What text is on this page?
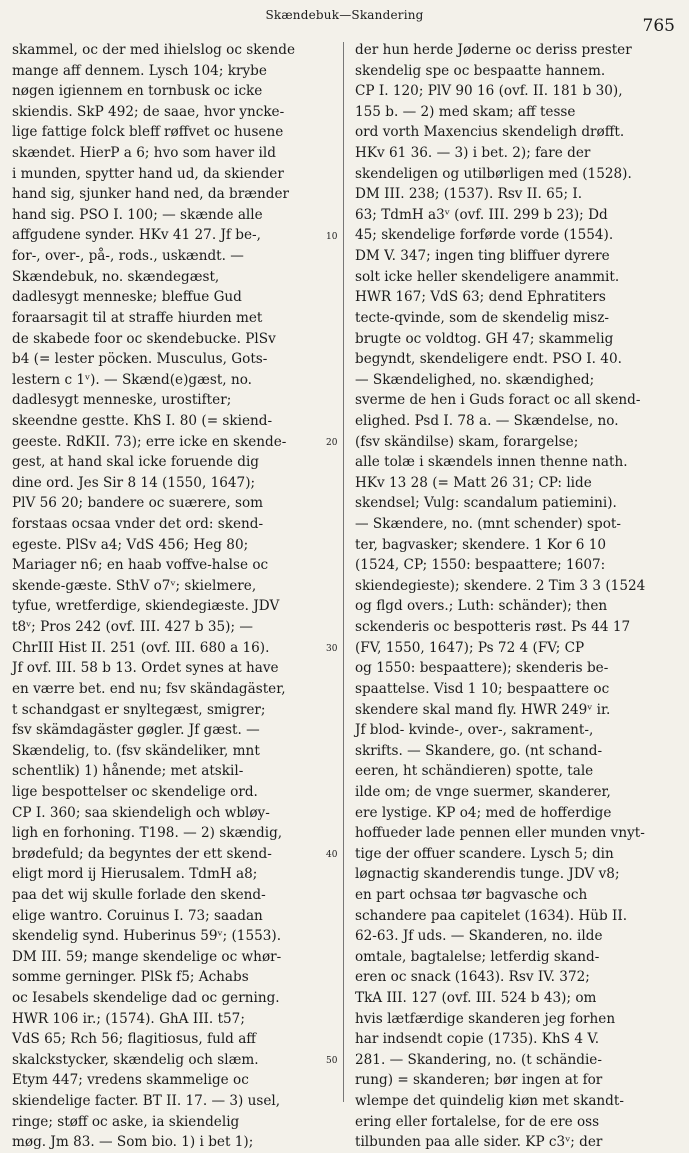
Skændebuk—Skandering
765
skammel, oc der med ihielslog oc skende
mange aff dennem. Lysch 104; krybe
nøgen igiennem en tornbusk oc icke
skiendis. SkP 492; de saae, hvor yncke-
lige fattige folck bleff røffvet oc husene
skændet. HierP a 6; hvo som haver ild
i munden, spytter hand ud, da skiender
hand sig, sjunker hand ned, da brænder
hand sig. PSO I. 100; — skænde alle
affgudene synder. HKv 41 27. Jf be-,
for-, over-, på-, rods., uskændt. —
Skændebuk, no. skændegæst,
dadlesygt menneske; bleffue Gud
foraarsagit til at straffe hiurden met
de skabede foor oc skendebucke. PlSv
b4 (= lester pöcken. Musculus, Gots-
lestern c 1ᵛ). — Skænd(e)gæst, no.
dadlesygt menneske, urostifter;
skeendne gestte. KhS I. 80 (= skiend-
geeste. RdKII. 73); erre icke en skende-
gest, at hand skal icke foruende dig
dine ord. Jes Sir 8 14 (1550, 1647);
PlV 56 20; bandere oc suærere, som
forstaas ocsaa vnder det ord: skend-
egeste. PlSv a4; VdS 456; Heg 80;
Mariager n6; en haab voffve-halse oc
skende-gæste. SthV o7ᵛ; skielmere,
tyfue, wretferdige, skiendegiæste. JDV
t8ᵛ; Pros 242 (ovf. III. 427 b 35); —
ChrIII Hist II. 251 (ovf. III. 680 a 16).
Jf ovf. III. 58 b 13. Ordet synes at have
en værre bet. end nu; fsv skändagäster,
t schandgast er snyltegæst, smigrer;
fsv skämdagäster gøgler. Jf gæst. —
Skændelig, to. (fsv skändeliker, mnt
schentlik) 1) hånende; met atskil-
lige bespottelser oc skendelige ord.
CP I. 360; saa skiendeligh och wbløy-
ligh en forhoning. T198. — 2) skændig,
brødefuld; da begyntes der ett skend-
eligt mord ij Hierusalem. TdmH a8;
paa det wij skulle forlade den skend-
elige wantro. Coruinus I. 73; saadan
skendelig synd. Huberinus 59ᵛ; (1553).
DM III. 59; mange skendelige oc whør-
somme gerninger. PlSk f5; Achabs
oc Iesabels skendelige dad oc gerning.
HWR 106 ir.; (1574). GhA III. t57;
VdS 65; Rch 56; flagitiosus, fuld aff
skalckstycker, skændelig och slæm.
Etym 447; vredens skammelige oc
skiendelige facter. BT II. 17. — 3) usel,
ringe; støff oc aske, ia skiendelig
møg. Jm 83. — Som bio. 1) i bet 1);
10
20
30
40
50
der hun herde Jøderne oc deriss prester
skendelig spe oc bespaatte hannem.
CP I. 120; PlV 90 16 (ovf. II. 181 b 30),
155 b. — 2) med skam; aff tesse
ord vorth Maxencius skendeligh drøfft.
HKv 61 36. — 3) i bet. 2); fare der
skendeligen og utilbørligen med (1528).
DM III. 238; (1537). Rsv II. 65; I.
63; TdmH a3ᵛ (ovf. III. 299 b 23); Dd
45; skendelige forførde vorde (1554).
DM V. 347; ingen ting bliffuer dyrere
solt icke heller skendeligere anammit.
HWR 167; VdS 63; dend Ephratiters
tecte-qvinde, som de skendelig misz-
brugte oc voldtog. GH 47; skammelig
begyndt, skendeligere endt. PSO I. 40.
— Skændelighed, no. skændighed;
sverme de hen i Guds foract oc all skend-
elighed. Psd I. 78 a. — Skændelse, no.
(fsv skändilse) skam, forargelse;
alle tolæ i skændels innen thenne nath.
HKv 13 28 (= Matt 26 31; CP: lide
skendsel; Vulg: scandalum patiemini).
— Skændere, no. (mnt schender) spot-
ter, bagvasker; skendere. 1 Kor 6 10
(1524, CP; 1550: bespaattere; 1607:
skiendegieste); skendere. 2 Tim 3 3 (1524
og flgd overs.; Luth: schänder); then
sckenderis oc bespotteris røst. Ps 44 17
(FV, 1550, 1647); Ps 72 4 (FV; CP
og 1550: bespaattere); skenderis be-
spaattelse. Visd 1 10; bespaattere oc
skendere skal mand fly. HWR 249ᵛ ir.
Jf blod- kvinde-, over-, sakrament-,
skrifts. — Skandere, go. (nt schand-
eeren, ht schändieren) spotte, tale
ilde om; de vnge suermer, skanderer,
ere lystige. KP o4; med de hofferdige
hoffueder lade pennen eller munden vnyt-
tige der offuer scandere. Lysch 5; din
løgnactig skanderendis tunge. JDV v8;
en part ochsaa tør bagvasche och
schandere paa capitelet (1634). Hüb II.
62-63. Jf uds. — Skanderen, no. ilde
omtale, bagtalelse; letferdig skand-
eren oc snack (1643). Rsv IV. 372;
TkA III. 127 (ovf. III. 524 b 43); om
hvis lætfærdige skanderen jeg forhen
har indsendt copie (1735). KhS 4 V.
281. — Skandering, no. (t schändie-
rung) = skanderen; bør ingen at for
wlempe det quindelig kiøn met skandt-
ering eller fortalelse, for de ere oss
tilbunden paa alle sider. KP c3ᵛ; der
